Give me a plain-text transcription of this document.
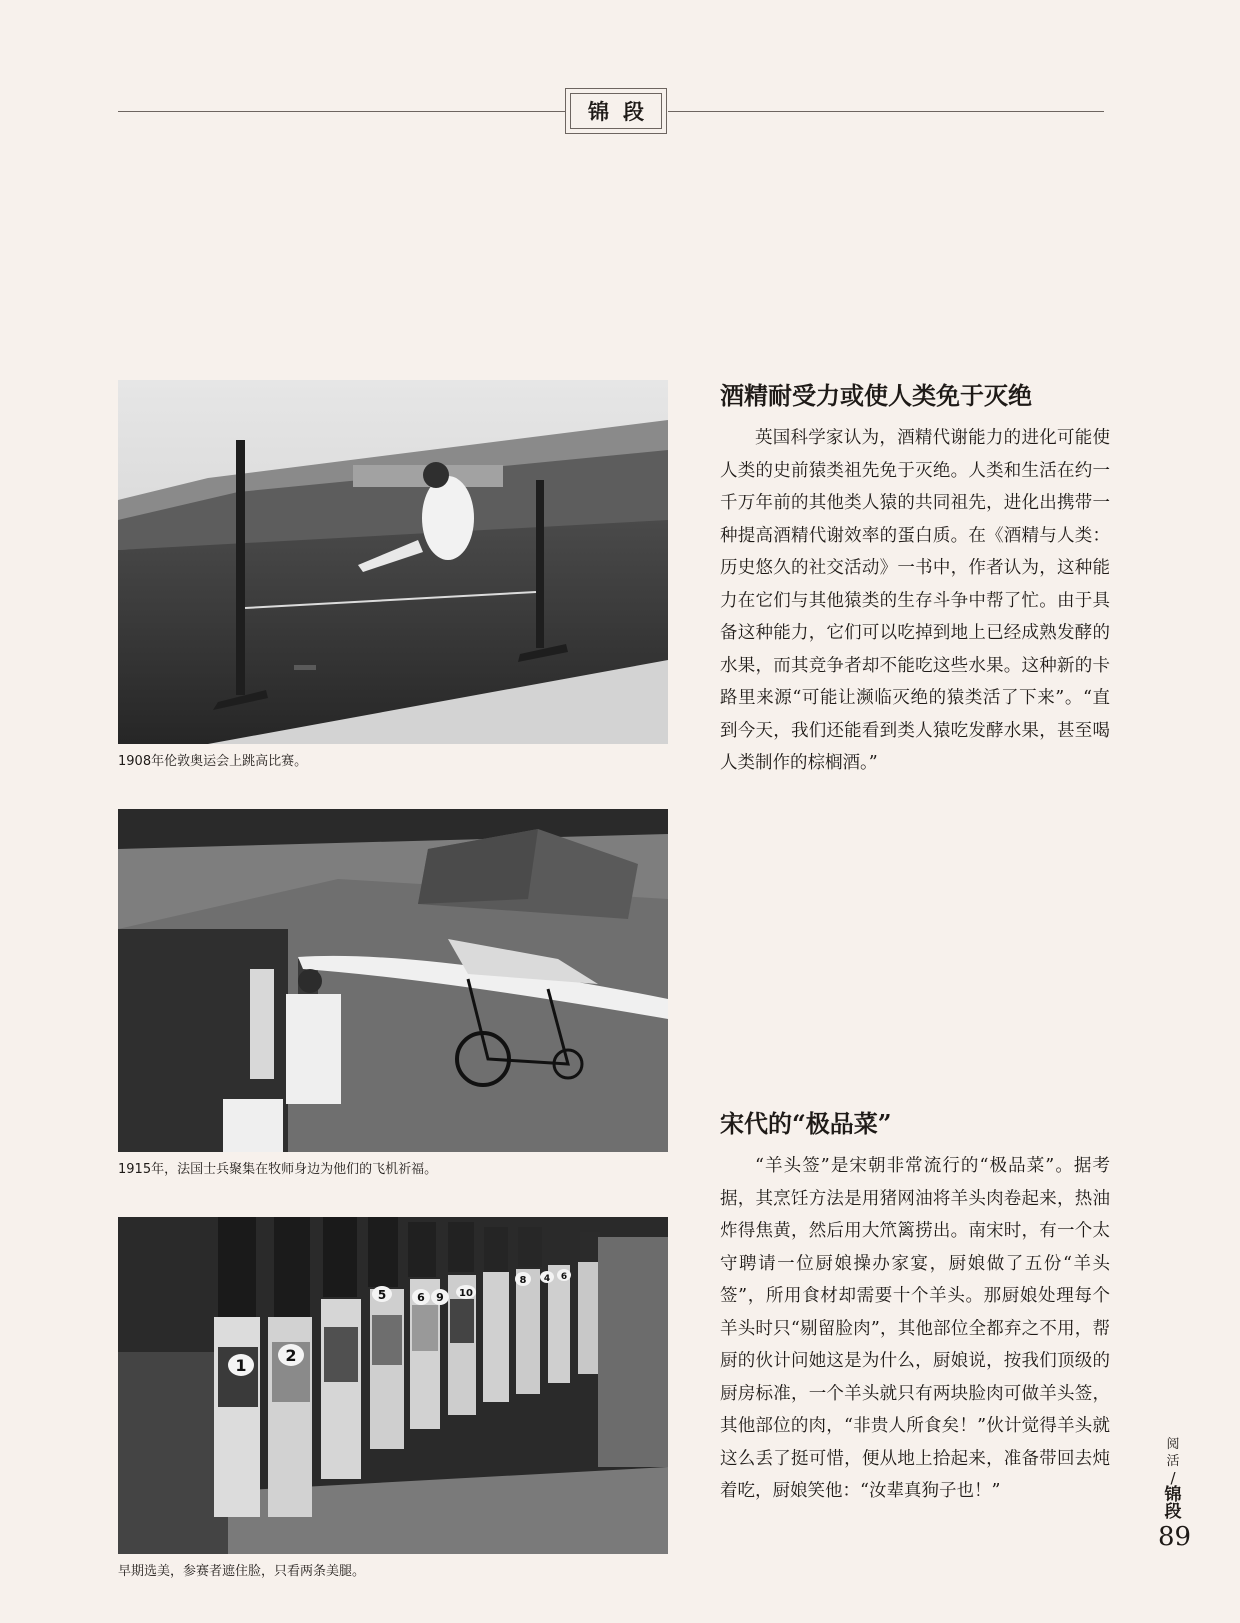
锦段
1908年伦敦奥运会上跳高比赛。
1915年，法国士兵聚集在牧师身边为他们的飞机祈福。
1
2
5	6 9 10
8 4 6
早期选美，参赛者遮住脸，只看两条美腿。
酒精耐受力或使人类免于灭绝

英国科学家认为，酒精代谢能力的进化可能使人类的史前猿类祖先免于灭绝。人类和生活在约一千万年前的其他类人猿的共同祖先，进化出携带一种提高酒精代谢效率的蛋白质。在《酒精与人类：历史悠久的社交活动》一书中，作者认为，这种能力在它们与其他猿类的生存斗争中帮了忙。由于具备这种能力，它们可以吃掉到地上已经成熟发酵的水果，而其竞争者却不能吃这些水果。这种新的卡路里来源“可能让濒临灭绝的猿类活了下来”。“直到今天，我们还能看到类人猿吃发酵水果，甚至喝人类制作的棕榈酒。”

宋代的“极品菜”

“羊头签”是宋朝非常流行的“极品菜”。据考据，其烹饪方法是用猪网油将羊头肉卷起来，热油炸得焦黄，然后用大笊篱捞出。南宋时，有一个太守聘请一位厨娘操办家宴，厨娘做了五份“羊头签”，所用食材却需要十个羊头。那厨娘处理每个羊头时只“剔留脸肉”，其他部位全都弃之不用，帮厨的伙计问她这是为什么，厨娘说，按我们顶级的厨房标准，一个羊头就只有两块脸肉可做羊头签，其他部位的肉，“非贵人所食矣！”伙计觉得羊头就这么丢了挺可惜，便从地上拾起来，准备带回去炖着吃，厨娘笑他：“汝辈真狗子也！”

阅
活
/
锦
段
89
